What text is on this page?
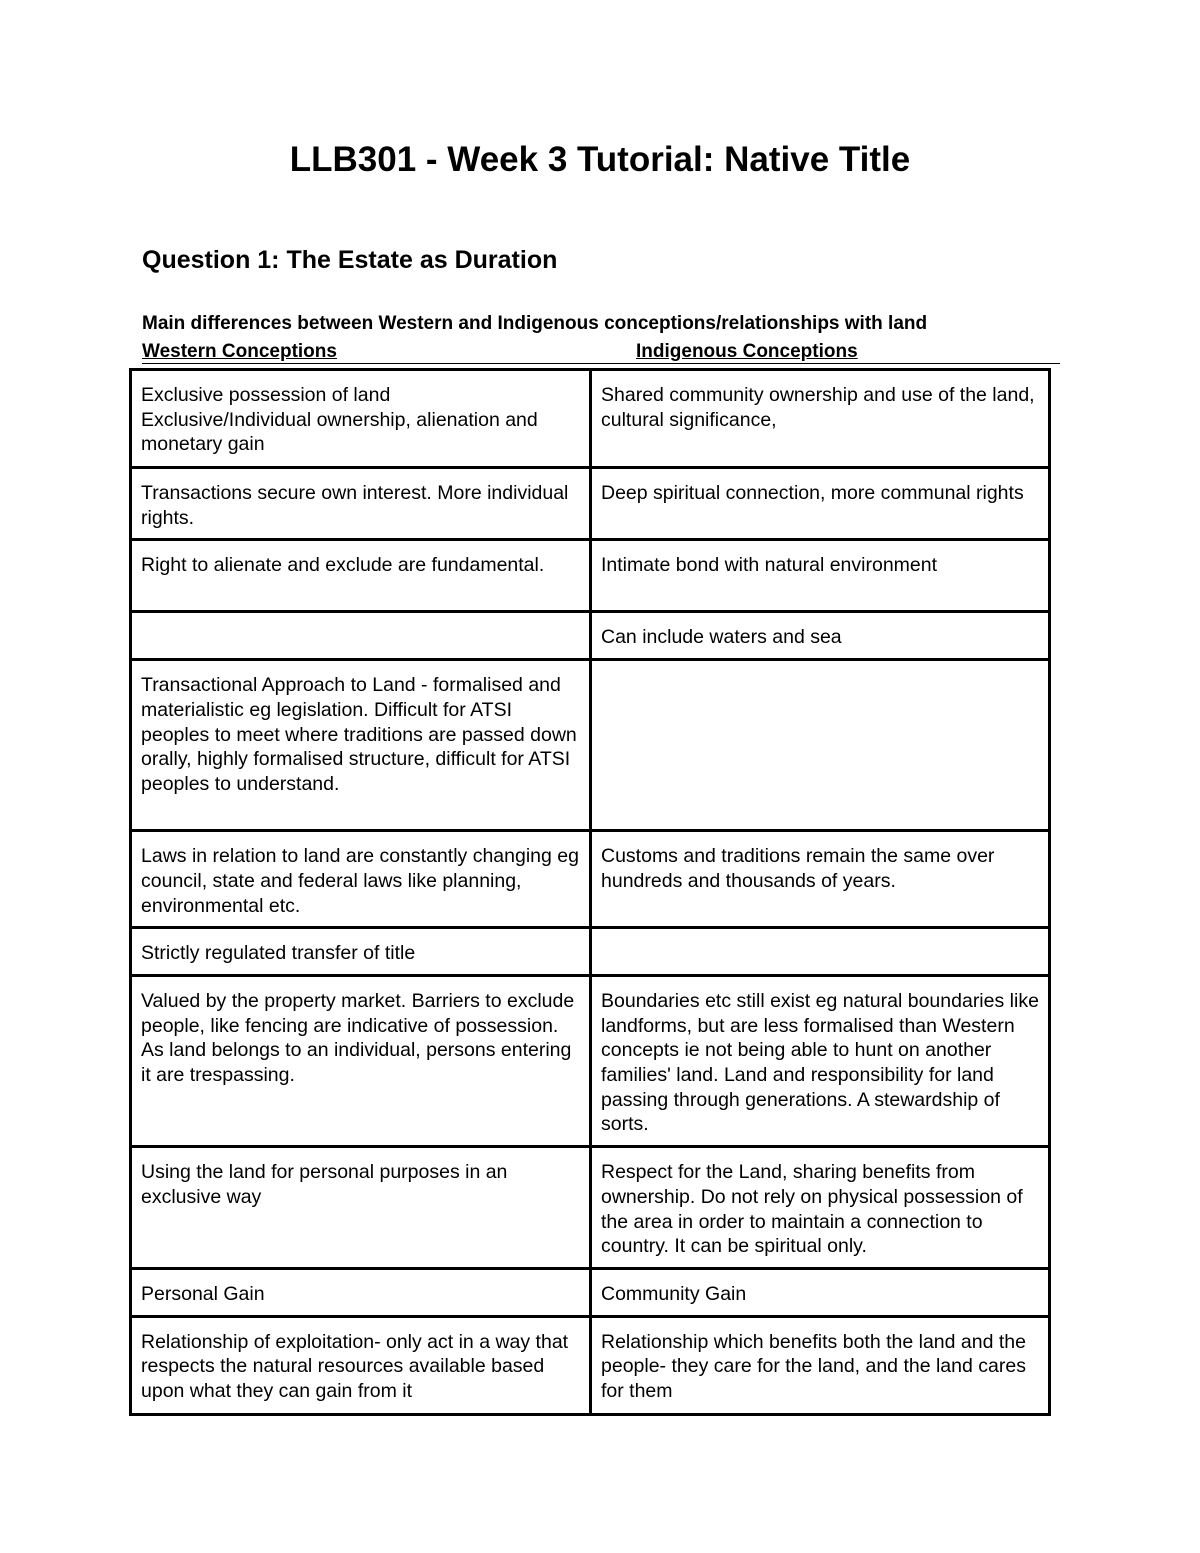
LLB301 - Week 3 Tutorial: Native Title
Question 1: The Estate as Duration
Main differences between Western and Indigenous conceptions/relationships with land
Western Conceptions	Indigenous Conceptions
Exclusive possession of land
Exclusive/Individual ownership, alienation and monetary gain	Shared community ownership and use of the land, cultural significance,

Transactions secure own interest. More individual rights.	Deep spiritual connection, more communal rights

Right to alienate and exclude are fundamental.	Intimate bond with natural environment

	Can include waters and sea

Transactional Approach to Land - formalised and materialistic eg legislation. Difficult for ATSI peoples to meet where traditions are passed down orally, highly formalised structure, difficult for ATSI peoples to understand.	

Laws in relation to land are constantly changing eg council, state and federal laws like planning, environmental etc.	Customs and traditions remain the same over hundreds and thousands of years.

Strictly regulated transfer of title	

Valued by the property market. Barriers to exclude people, like fencing are indicative of possession. As land belongs to an individual, persons entering it are trespassing.	Boundaries etc still exist eg natural boundaries like landforms, but are less formalised than Western concepts ie not being able to hunt on another families' land. Land and responsibility for land passing through generations. A stewardship of sorts.

Using the land for personal purposes in an exclusive way	Respect for the Land, sharing benefits from ownership. Do not rely on physical possession of the area in order to maintain a connection to country. It can be spiritual only.

Personal Gain	Community Gain

Relationship of exploitation- only act in a way that respects the natural resources available based upon what they can gain from it	Relationship which benefits both the land and the people- they care for the land, and the land cares for them
